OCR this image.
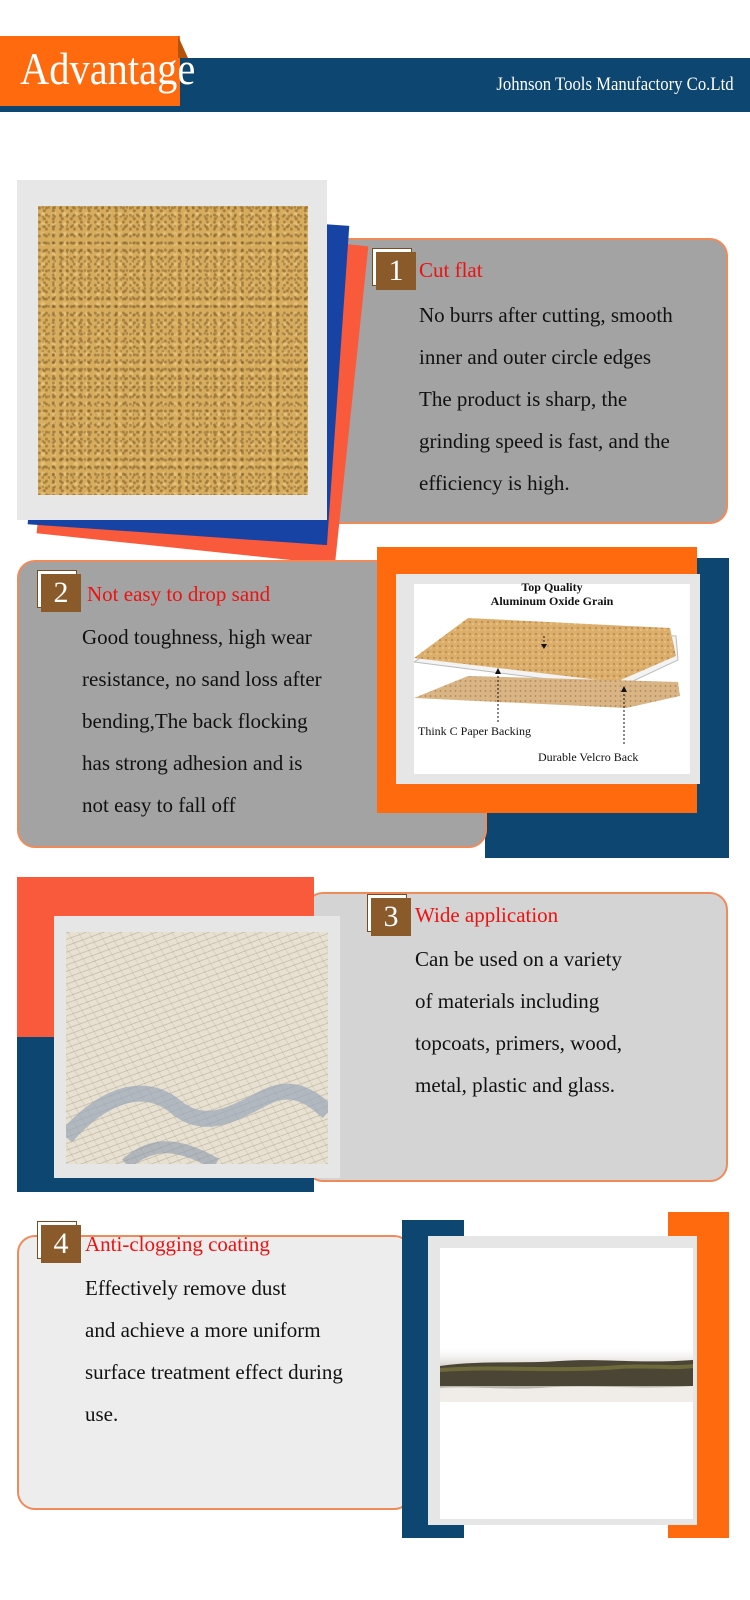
Advantage	Johnson Tools Manufactory Co.Ltd
1 Cut flat

No burrs after cutting, smooth

inner and outer circle edges

The product is sharp, the

grinding speed is fast, and the

efficiency is high.

Top Quality
Aluminum Oxide Grain
Think C Paper Backing
Durable Velcro Back
2 Not easy to drop sand

Good toughness, high wear

resistance, no sand loss after

bending,The back flocking

has strong adhesion and is

not easy to fall off

3 Wide application

Can be used on a variety

of materials including

topcoats, primers, wood,

metal, plastic and glass.

4 Anti-clogging coating

Effectively remove dust

and achieve a more uniform

surface treatment effect during

use.
